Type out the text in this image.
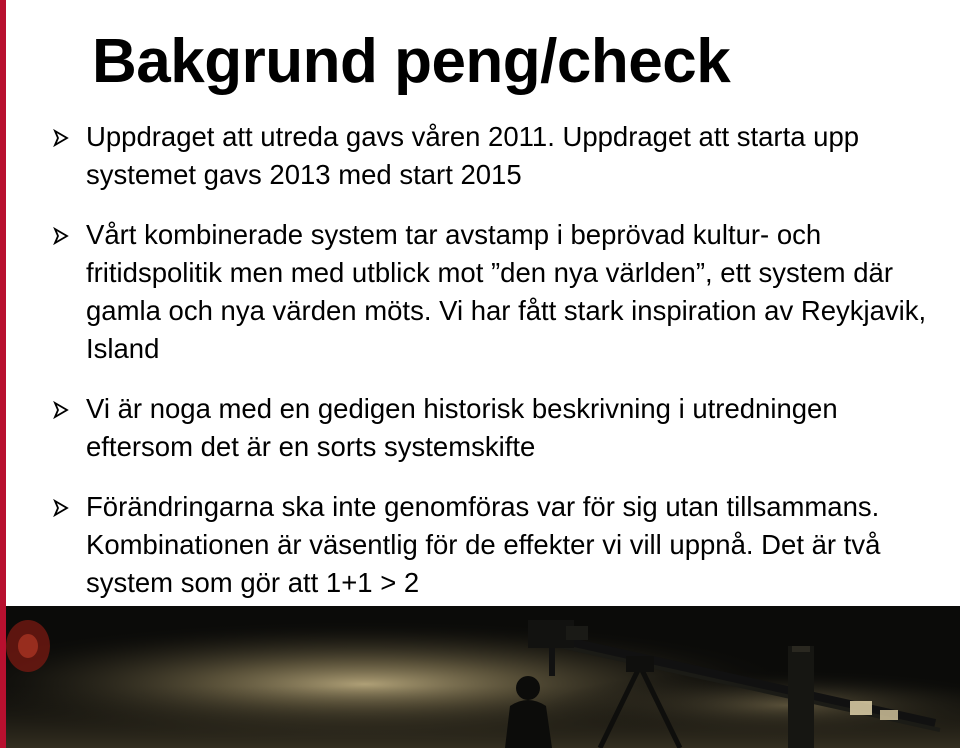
Bakgrund peng/check
Uppdraget att utreda gavs våren 2011. Uppdraget att starta upp systemet gavs 2013 med start 2015
Vårt kombinerade system tar avstamp i beprövad kultur- och fritidspolitik men med utblick mot ”den nya världen”, ett system där gamla och nya värden möts. Vi har fått stark inspiration av Reykjavik, Island
Vi är noga med en gedigen historisk beskrivning i utredningen eftersom det är en sorts systemskifte
Förändringarna ska inte genomföras var för sig utan tillsammans. Kombinationen är väsentlig för de effekter vi vill uppnå. Det är två system som gör att 1+1 > 2
